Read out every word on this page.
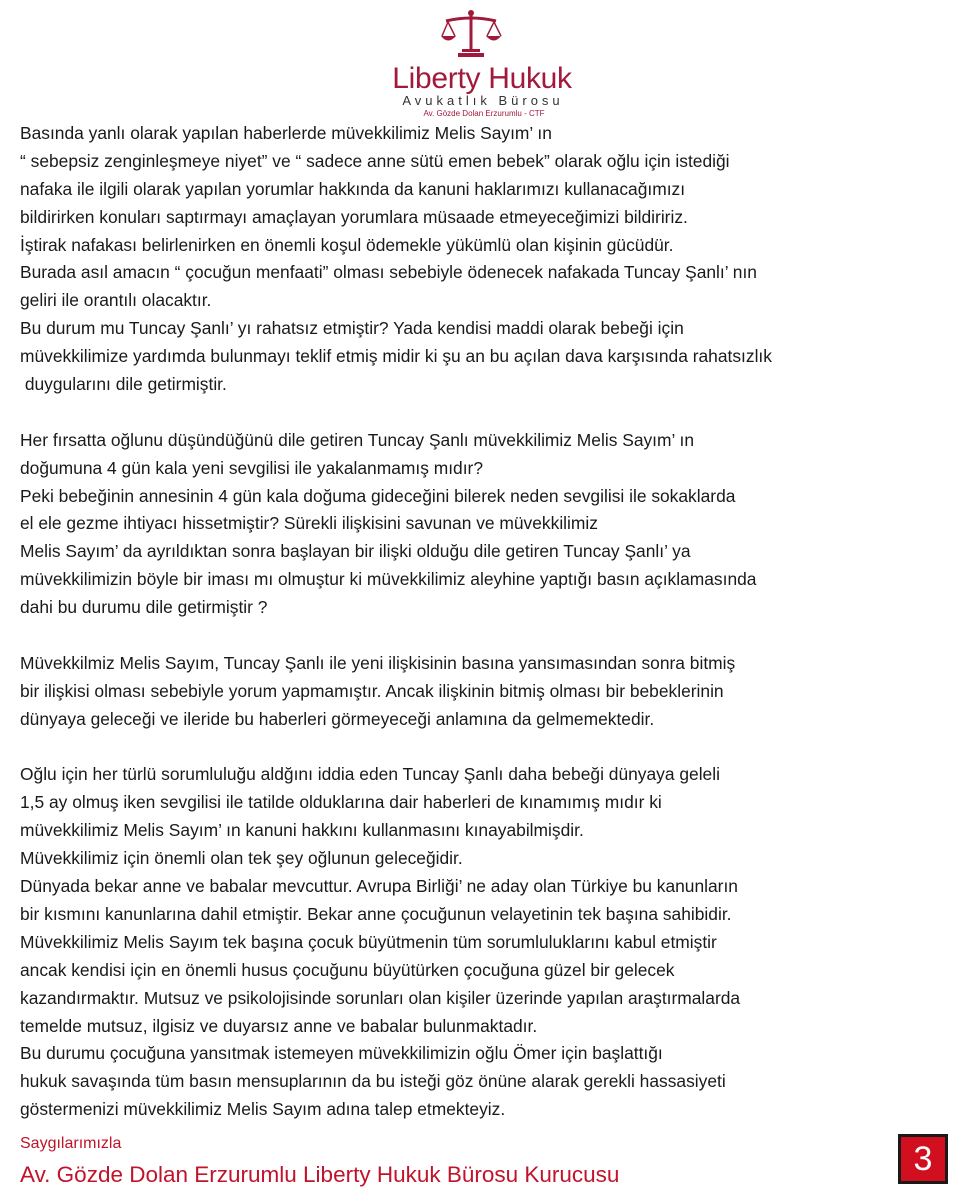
Liberty Hukuk
Avukatlık Bürosu
Av. Gözde Dolan Erzurumlu - CTF
Basında yanlı olarak yapılan haberlerde müvekkilimiz Melis Sayım’ ın
“ sebepsiz zenginleşmeye niyet” ve “ sadece anne sütü emen bebek” olarak oğlu için istediği
nafaka ile ilgili olarak yapılan yorumlar hakkında da kanuni haklarımızı kullanacağımızı
bildirirken konuları saptırmayı amaçlayan yorumlara müsaade etmeyeceğimizi bildiririz.
İştirak nafakası belirlenirken en önemli koşul ödemekle yükümlü olan kişinin gücüdür.
Burada asıl amacın “ çocuğun menfaati” olması sebebiyle ödenecek nafakada Tuncay Şanlı’ nın
geliri ile orantılı olacaktır.
Bu durum mu Tuncay Şanlı’ yı rahatsız etmiştir? Yada kendisi maddi olarak bebeği için
müvekkilimize yardımda bulunmayı teklif etmiş midir ki şu an bu açılan dava karşısında rahatsızlık
duygularını dile getirmiştir.
Her fırsatta oğlunu düşündüğünü dile getiren Tuncay Şanlı müvekkilimiz Melis Sayım’ ın
doğumuna 4 gün kala yeni sevgilisi ile yakalanmamış mıdır?
Peki bebeğinin annesinin 4 gün kala doğuma gideceğini bilerek neden sevgilisi ile sokaklarda
el ele gezme ihtiyacı hissetmiştir? Sürekli ilişkisini savunan ve müvekkilimiz
Melis Sayım’ da ayrıldıktan sonra başlayan bir ilişki olduğu dile getiren Tuncay Şanlı’ ya
müvekkilimizin böyle bir iması mı olmuştur ki müvekkilimiz aleyhine yaptığı basın açıklamasında
dahi bu durumu dile getirmiştir ?
Müvekkilmiz Melis Sayım, Tuncay Şanlı ile yeni ilişkisinin basına yansımasından sonra bitmiş
bir ilişkisi olması sebebiyle yorum yapmamıştır. Ancak ilişkinin bitmiş olması bir bebeklerinin
dünyaya geleceği ve ileride bu haberleri görmeyeceği anlamına da gelmemektedir.
Oğlu için her türlü sorumluluğu aldğını iddia eden Tuncay Şanlı daha bebeği dünyaya geleli
1,5 ay olmuş iken sevgilisi ile tatilde olduklarına dair haberleri de kınamımış mıdır ki
müvekkilimiz Melis Sayım’ ın kanuni hakkını kullanmasını kınayabilmişdir.
Müvekkilimiz için önemli olan tek şey oğlunun geleceğidir.
Dünyada bekar anne ve babalar mevcuttur. Avrupa Birliği’ ne aday olan Türkiye bu kanunların
bir kısmını kanunlarına dahil etmiştir. Bekar anne çocuğunun velayetinin tek başına sahibidir.
Müvekkilimiz Melis Sayım tek başına çocuk büyütmenin tüm sorumluluklarını kabul etmiştir
ancak kendisi için en önemli husus çocuğunu büyütürken çocuğuna güzel bir gelecek
kazandırmaktır. Mutsuz ve psikolojisinde sorunları olan kişiler üzerinde yapılan araştırmalarda
temelde mutsuz, ilgisiz ve duyarsız anne ve babalar bulunmaktadır.
Bu durumu çocuğuna yansıtmak istemeyen müvekkilimizin oğlu Ömer için başlattığı
hukuk savaşında tüm basın mensuplarının da bu isteği göz önüne alarak gerekli hassasiyeti
göstermenizi müvekkilimiz Melis Sayım adına talep etmekteyiz.
Saygılarımızla
Av. Gözde Dolan Erzurumlu Liberty Hukuk Bürosu Kurucusu	3
